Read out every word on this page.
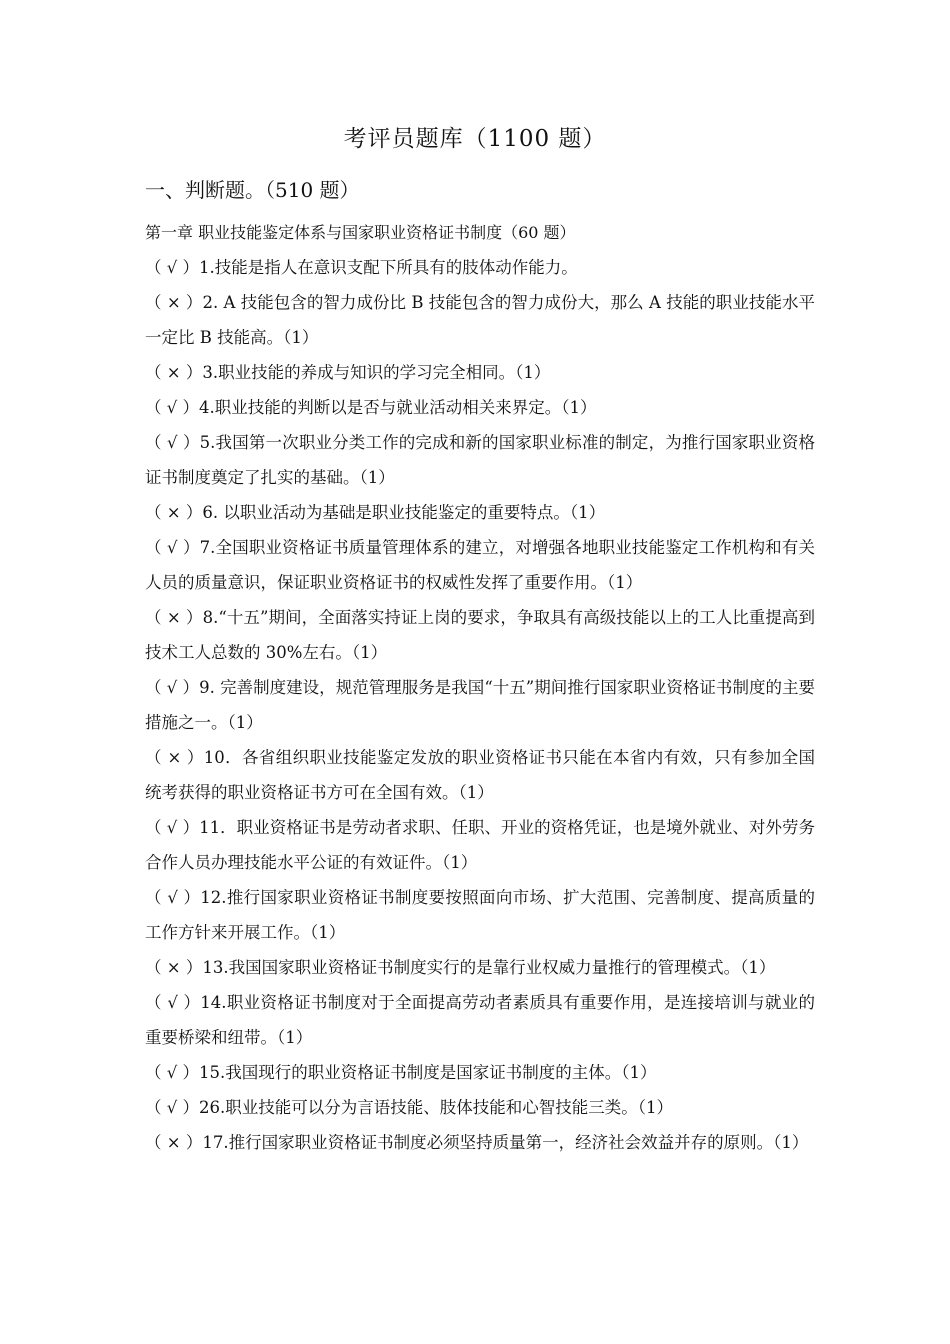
考评员题库（1100 题）
一、判断题。（510 题）

第一章 职业技能鉴定体系与国家职业资格证书制度（60 题）

（ √ ）1.技能是指人在意识支配下所具有的肢体动作能力。

（ × ）2. A 技能包含的智力成份比 B 技能包含的智力成份大，那么 A 技能的职业技能水平一定比 B 技能高。（1）

（ × ）3.职业技能的养成与知识的学习完全相同。（1）

（ √ ）4.职业技能的判断以是否与就业活动相关来界定。（1）

（ √ ）5.我国第一次职业分类工作的完成和新的国家职业标准的制定，为推行国家职业资格证书制度奠定了扎实的基础。（1）

（ × ）6. 以职业活动为基础是职业技能鉴定的重要特点。（1）

（ √ ）7.全国职业资格证书质量管理体系的建立，对增强各地职业技能鉴定工作机构和有关人员的质量意识，保证职业资格证书的权威性发挥了重要作用。（1）

（ × ）8.“十五”期间，全面落实持证上岗的要求，争取具有高级技能以上的工人比重提高到技术工人总数的 30%左右。（1）

（ √ ）9. 完善制度建设，规范管理服务是我国“十五”期间推行国家职业资格证书制度的主要措施之一。（1）

（ × ）10．各省组织职业技能鉴定发放的职业资格证书只能在本省内有效，只有参加全国统考获得的职业资格证书方可在全国有效。（1）

（ √ ）11．职业资格证书是劳动者求职、任职、开业的资格凭证，也是境外就业、对外劳务合作人员办理技能水平公证的有效证件。（1）

（ √ ）12.推行国家职业资格证书制度要按照面向市场、扩大范围、完善制度、提高质量的工作方针来开展工作。（1）

（ × ）13.我国国家职业资格证书制度实行的是靠行业权威力量推行的管理模式。（1）

（ √ ）14.职业资格证书制度对于全面提高劳动者素质具有重要作用，是连接培训与就业的重要桥梁和纽带。（1）

（ √ ）15.我国现行的职业资格证书制度是国家证书制度的主体。（1）

（ √ ）26.职业技能可以分为言语技能、肢体技能和心智技能三类。（1）

（ × ）17.推行国家职业资格证书制度必须坚持质量第一，经济社会效益并存的原则。（1）
